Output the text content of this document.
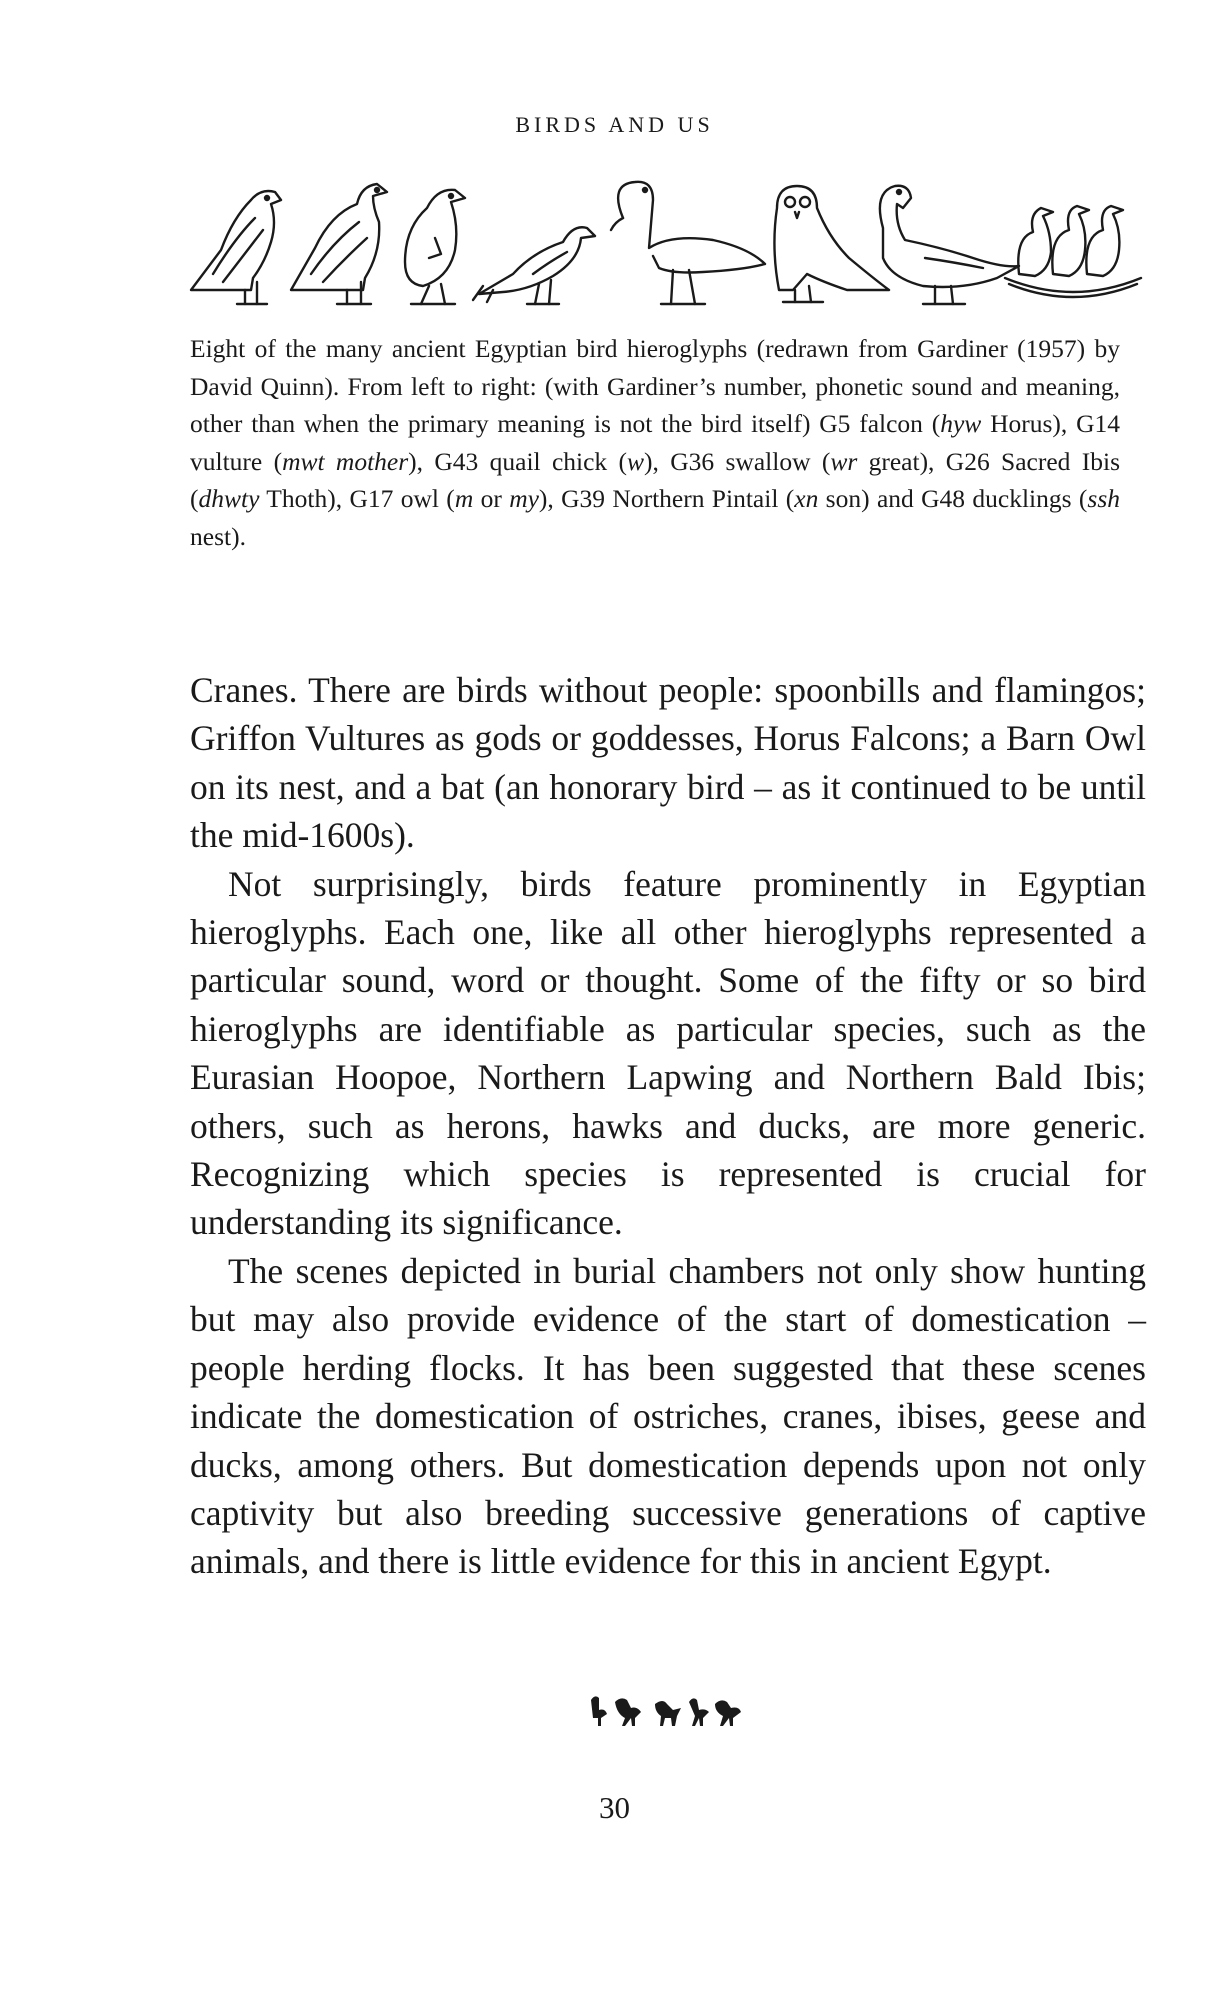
BIRDS AND US
Eight of the many ancient Egyptian bird hieroglyphs (redrawn from Gardiner (1957) by David Quinn). From left to right: (with Gardiner’s number, phonetic sound and meaning, other than when the primary meaning is not the bird itself) G5 falcon (hyw Horus), G14 vulture (mwt mother), G43 quail chick (w), G36 swallow (wr great), G26 Sacred Ibis (dhwty Thoth), G17 owl (m or my), G39 Northern Pintail (xn son) and G48 ducklings (ssh nest).

Cranes. There are birds without people: spoonbills and flamingos; Griffon Vultures as gods or goddesses, Horus Falcons; a Barn Owl on its nest, and a bat (an honorary bird – as it continued to be until the mid-1600s).

Not surprisingly, birds feature prominently in Egyptian hieroglyphs. Each one, like all other hieroglyphs represented a particular sound, word or thought. Some of the fifty or so bird hieroglyphs are identifiable as particular species, such as the Eurasian Hoopoe, Northern Lapwing and Northern Bald Ibis; others, such as herons, hawks and ducks, are more generic. Recognizing which species is represented is crucial for understanding its significance.

The scenes depicted in burial chambers not only show hunting but may also provide evidence of the start of domestication – people herding flocks. It has been suggested that these scenes indicate the domestication of ostriches, cranes, ibises, geese and ducks, among others. But domestication depends upon not only captivity but also breeding successive generations of captive animals, and there is little evidence for this in ancient Egypt.

30
